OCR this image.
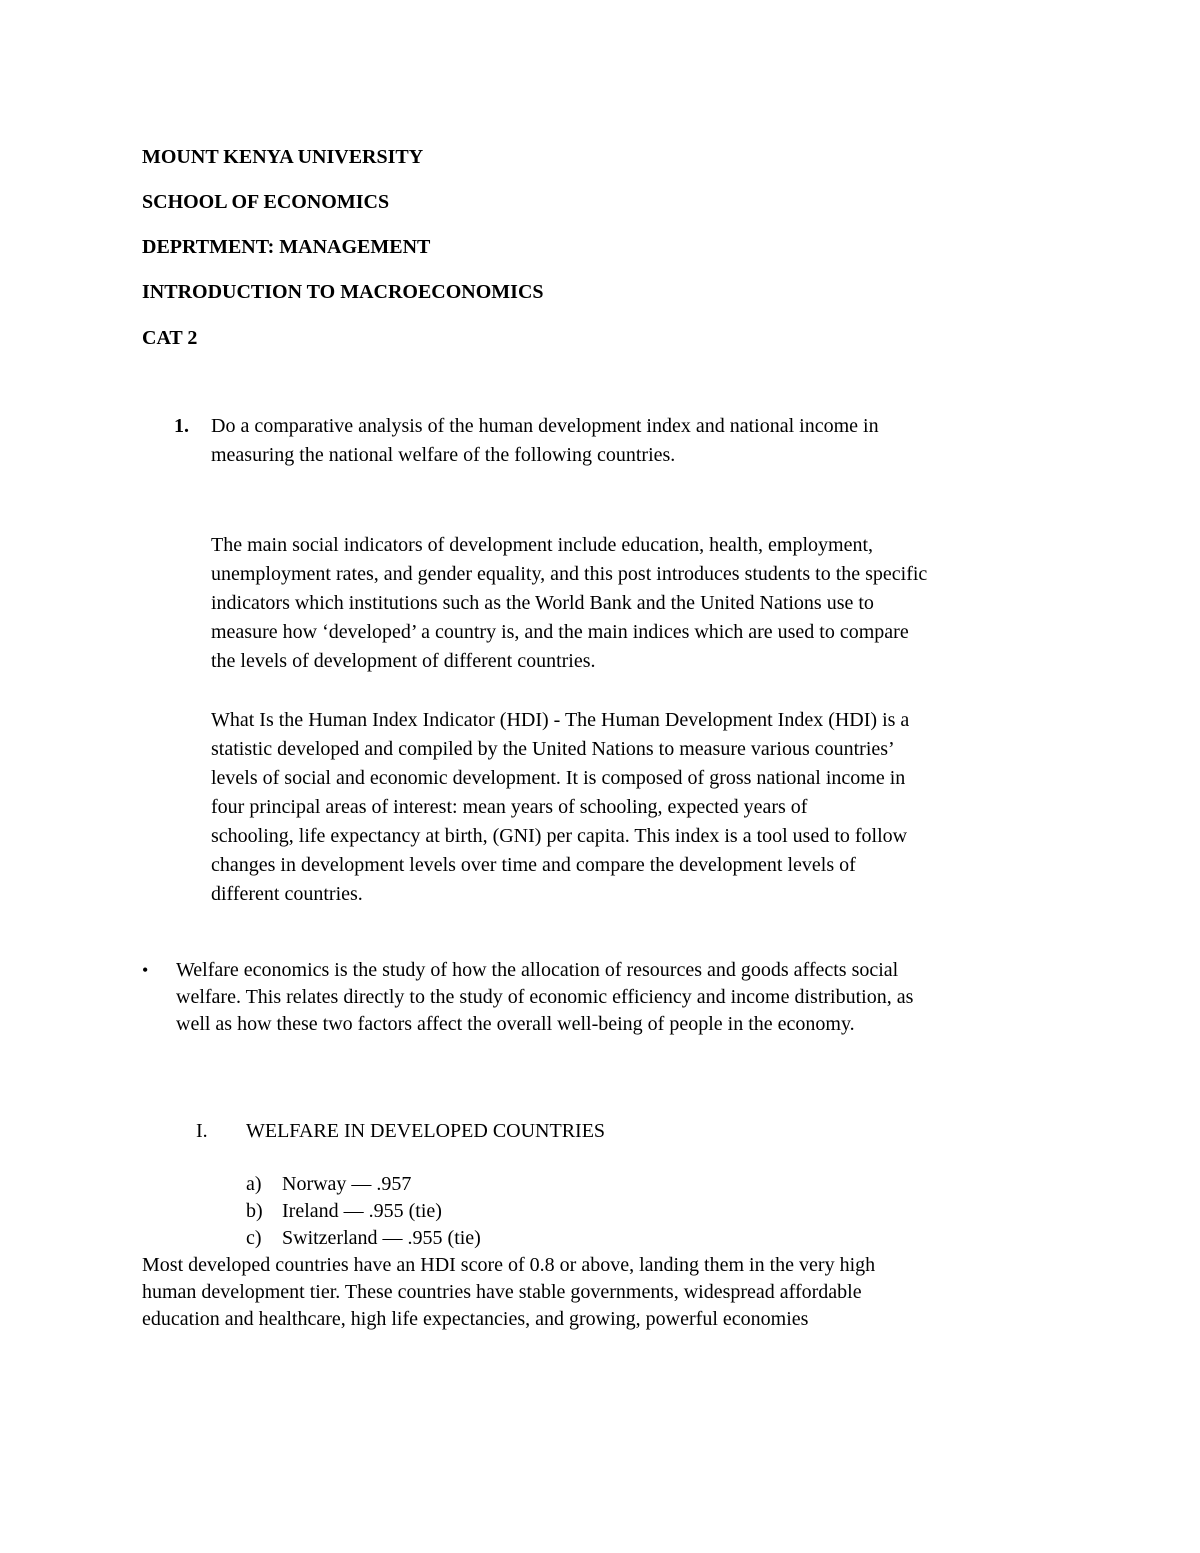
MOUNT KENYA UNIVERSITY
SCHOOL OF ECONOMICS
DEPRTMENT: MANAGEMENT
INTRODUCTION TO MACROECONOMICS
CAT 2
1. Do a comparative analysis of the human development index and national income in
measuring the national welfare of the following countries.
The main social indicators of development include education, health, employment,
unemployment rates, and gender equality, and this post introduces students to the specific
indicators which institutions such as the World Bank and the United Nations use to
measure how ‘developed’ a country is, and the main indices which are used to compare
the levels of development of different countries.
What Is the Human Index Indicator (HDI) - The Human Development Index (HDI) is a
statistic developed and compiled by the United Nations to measure various countries’
levels of social and economic development. It is composed of gross national income in
four principal areas of interest: mean years of schooling, expected years of
schooling, life expectancy at birth, (GNI) per capita. This index is a tool used to follow
changes in development levels over time and compare the development levels of
different countries.
• Welfare economics is the study of how the allocation of resources and goods affects social
welfare. This relates directly to the study of economic efficiency and income distribution, as
well as how these two factors affect the overall well-being of people in the economy.
I. WELFARE IN DEVELOPED COUNTRIES
a) Norway — .957
b) Ireland — .955 (tie)
c) Switzerland — .955 (tie)
Most developed countries have an HDI score of 0.8 or above, landing them in the very high
human development tier. These countries have stable governments, widespread affordable
education and healthcare, high life expectancies, and growing, powerful economies
